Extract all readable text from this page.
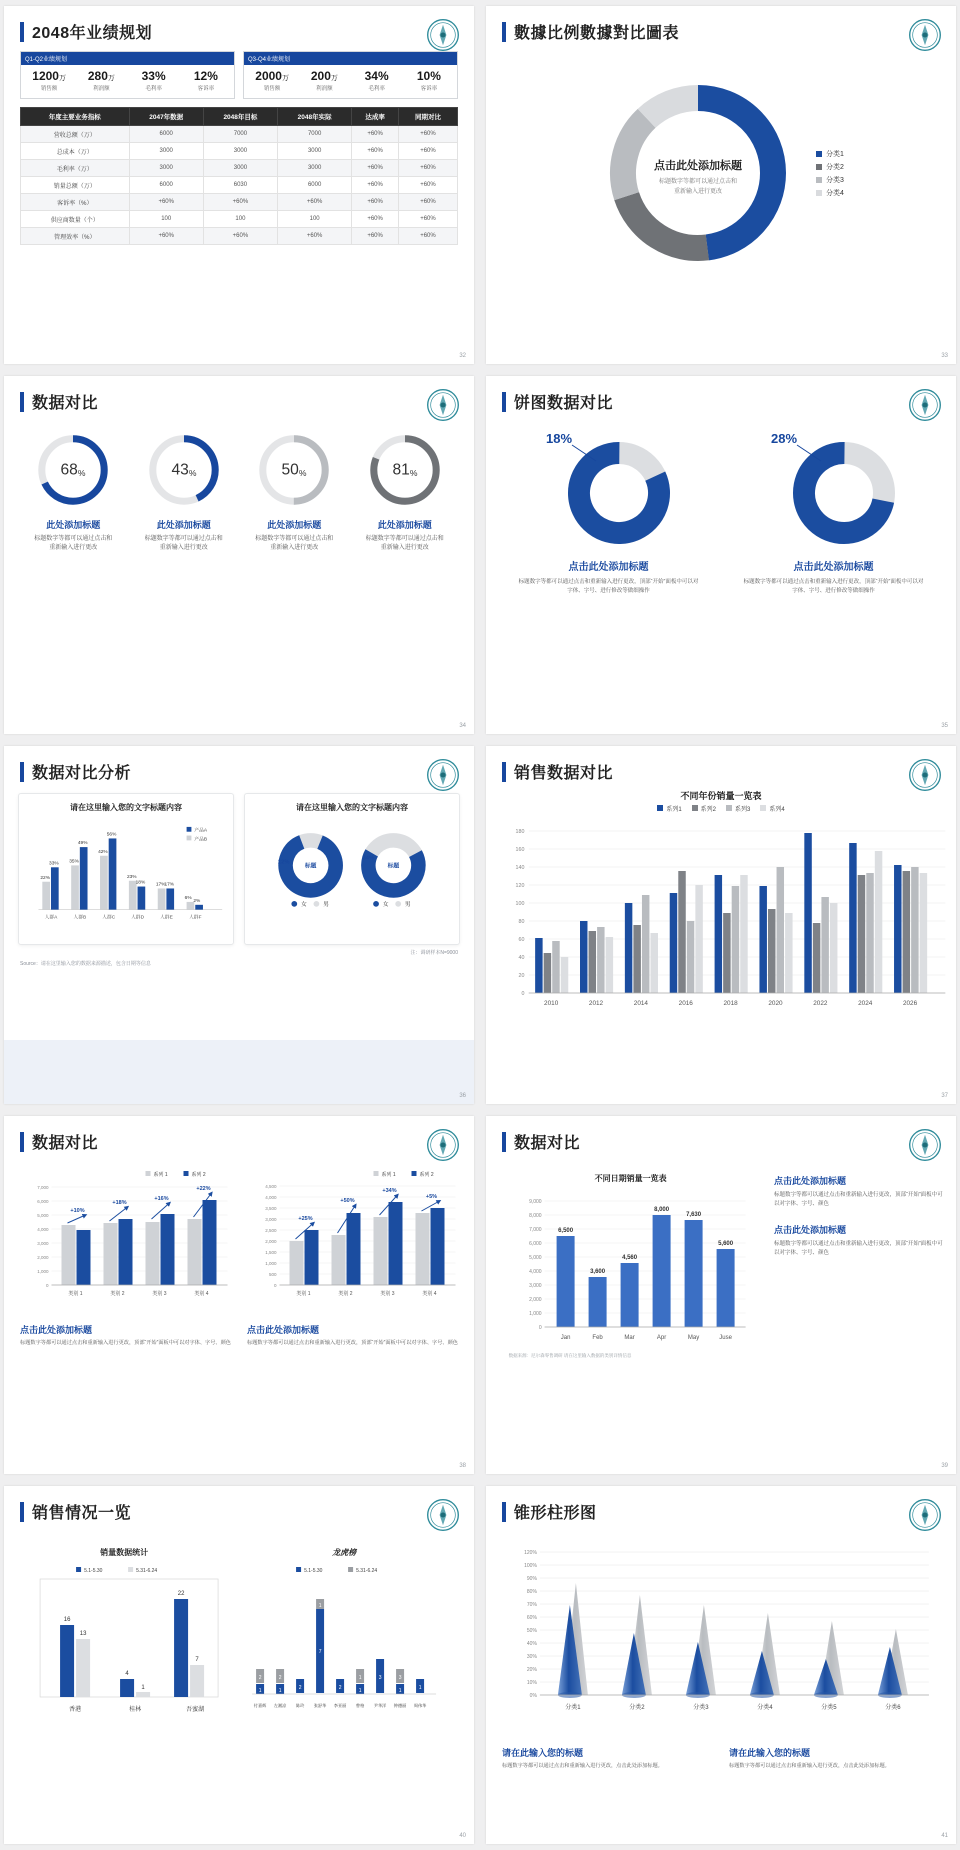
2048年业绩规划
Q1-Q2业绩规划
1200万
销售额
280万
利润额
33%
毛利率
12%
客诉率
Q3-Q4业绩规划
2000万
销售额
200万
利润额
34%
毛利率
10%
客诉率
年度主要业务指标	2047年数据	2048年目标	2048年实际	达成率	同期对比
营收总额（万）	6000	7000	7000	+60%	+60%
总成本（万）	3000	3000	3000	+60%	+60%
毛利率（万）	3000	3000	3000	+60%	+60%
销量总额（万）	6000	6030	6000	+60%	+60%
客诉率（%）	+60%	+60%	+60%	+60%	+60%
供应商数量（个）	100	100	100	+60%	+60%
管理效率（%）	+60%	+60%	+60%	+60%	+60%
32
數據比例數據對比圖表
点击此处添加标题
标题数字等都可以通过点击和
重新输入进行更改
分类1
分类2
分类3
分类4
33
数据对比
68%
此处添加标题
标题数字等都可以通过点击和重新输入进行更改
43%
此处添加标题
标题数字等都可以通过点击和重新输入进行更改
50%
此处添加标题
标题数字等都可以通过点击和重新输入进行更改
81%
此处添加标题
标题数字等都可以通过点击和重新输入进行更改
34
饼图数据对比
18%
点击此处添加标题
标题数字等都可以通过点击和重新输入进行更改，顶部“开始”面板中可以对字体、字号、进行修改等做细操作
28%
点击此处添加标题
标题数字等都可以通过点击和重新输入进行更改，顶部“开始”面板中可以对字体、字号、进行修改等做细操作
35
数据对比分析
请在这里输入您的文字标题内容
产品A
产品B
22%
33% 35%
49%
42%
56%
23%
18% 17% 17%
6%
2%
人群A	人群B	人群C	人群D	人群E	人群F
请在这里输入您的文字标题内容
标题
12%
标题
34%
女	男	女	男
注：调研样本N=9000
Source：请在这里输入您的数据来源描述，包含日期等信息
36
销售数据对比
不同年份销量一览表
系列1	系列2	系列3	系列4
0
20
40
60
80
100
120
140
160
180
2010	2012	2014	2016	2018	2020	2022	2024	2026
37
数据对比
系列 1	系列 2
0
1,000
2,000
3,000
4,000
5,000
6,000
7,000
+10%
+18%
+16%
+22%
类别 1	类别 2	类别 3	类别 4
系列 1	系列 2
0
500
1,000
1,500
2,000
2,500
3,000
3,500
4,000
4,500
+25%
+50%
+34%
+5%
类别 1	类别 2	类别 3	类别 4
点击此处添加标题
标题数字等都可以通过点击和重新输入进行更改，顶部“开始”面板中可以对字体、字号、颜色
点击此处添加标题
标题数字等都可以通过点击和重新输入进行更改，顶部“开始”面板中可以对字体、字号、颜色
38
数据对比
不同日期销量一览表
0
1,000
2,000
3,000
4,000
5,000
6,000
7,000
8,000
9,000
6,500
3,600
4,560
8,000
7,630
5,600
Jan	Feb	Mar	Apr	May	Juse
数据来源：尼尔森零售调研 请在这里输入数据的类别详情信息
点击此处添加标题
标题数字等都可以通过点击和重新输入进行更改，顶部“开始”面板中可以对字体、字号、颜色
点击此处添加标题
标题数字等都可以通过点击和重新输入进行更改，顶部“开始”面板中可以对字体、字号、颜色
39
销售情况一览
销量数据统计
5.1-5.30	5.31-6.24
16
13
4
1
22
7
香港	桂林	吾蜜湖
龙虎榜
5.1-5.30	5.31-6.24
2
1
2
1	2
7
1
2
1
1
3	3
1	1
付嘉辉 左湘凉 陈玲 张舒华 李亚丽 曾格 尹华洋 钟德丽 周伟华
40
锥形柱形图
0%
10%
20%
30%
40%
50%
60%
70%
80%
90%
100%
120%
分类1	分类2	分类3	分类4	分类5	分类6
请在此输入您的标题
标题数字等都可以通过点击和重新输入进行更改，点击此处添加标题。
请在此输入您的标题
标题数字等都可以通过点击和重新输入进行更改，点击此处添加标题。
41
